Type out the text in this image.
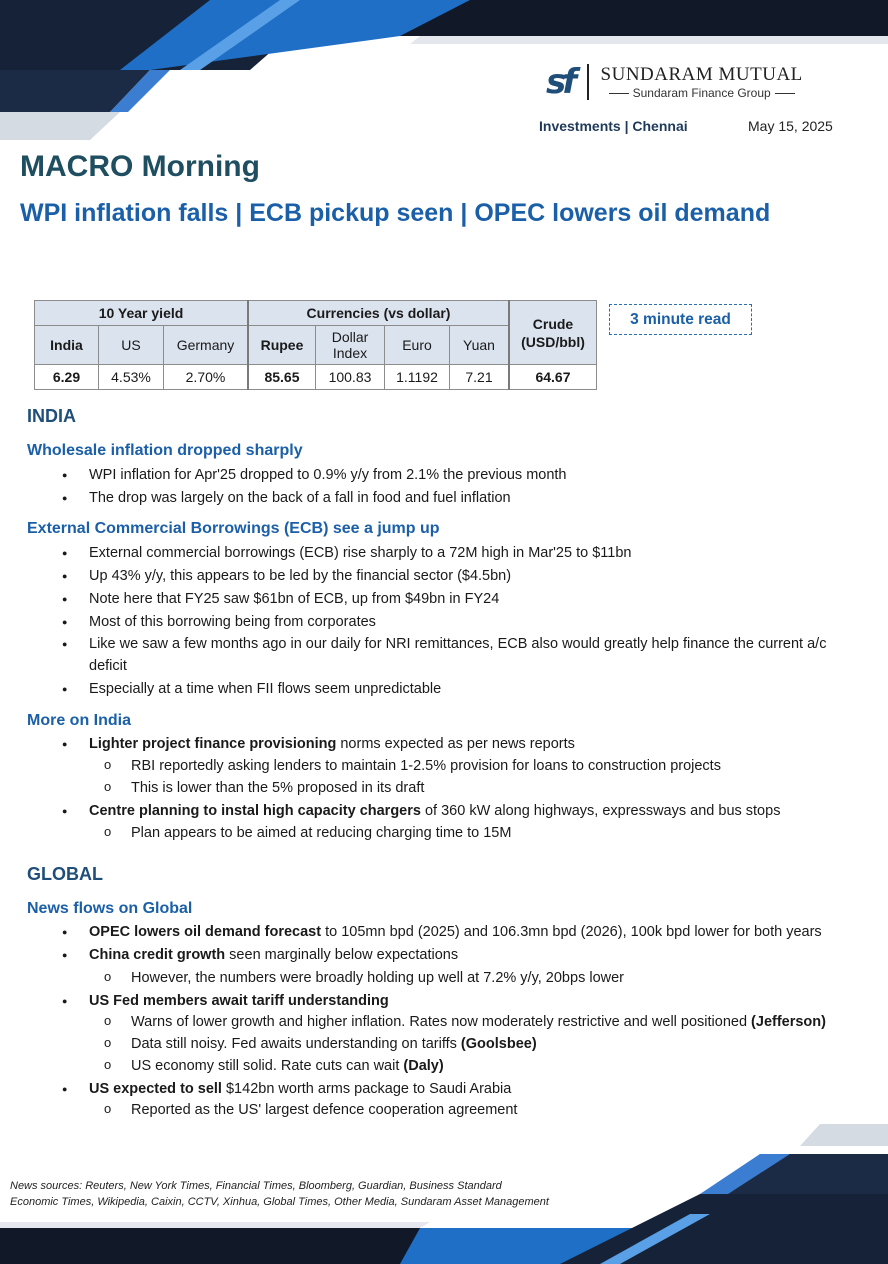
sf SUNDARAM MUTUAL
Sundaram Finance Group
Investments | Chennai	May 15, 2025
MACRO Morning
WPI inflation falls | ECB pickup seen | OPEC lowers oil demand
10 Year yield			Currencies (vs dollar)				Crude (USD/bbl)
India	US	Germany	Rupee	Dollar Index	Euro	Yuan	
6.29	4.53%	2.70%	85.65	100.83	1.1192	7.21	64.67
3 minute read
INDIA
Wholesale inflation dropped sharply
● WPI inflation for Apr'25 dropped to 0.9% y/y from 2.1% the previous month
● The drop was largely on the back of a fall in food and fuel inflation
External Commercial Borrowings (ECB) see a jump up
● External commercial borrowings (ECB) rise sharply to a 72M high in Mar'25 to $11bn
● Up 43% y/y, this appears to be led by the financial sector ($4.5bn)
● Note here that FY25 saw $61bn of ECB, up from $49bn in FY24
● Most of this borrowing being from corporates
● Like we saw a few months ago in our daily for NRI remittances, ECB also would greatly help finance the current a/c deficit
● Especially at a time when FII flows seem unpredictable
More on India
● Lighter project finance provisioning norms expected as per news reports
o RBI reportedly asking lenders to maintain 1-2.5% provision for loans to construction projects
o This is lower than the 5% proposed in its draft
● Centre planning to instal high capacity chargers of 360 kW along highways, expressways and bus stops
o Plan appears to be aimed at reducing charging time to 15M
GLOBAL
News flows on Global
● OPEC lowers oil demand forecast to 105mn bpd (2025) and 106.3mn bpd (2026), 100k bpd lower for both years
● China credit growth seen marginally below expectations
o However, the numbers were broadly holding up well at 7.2% y/y, 20bps lower
● US Fed members await tariff understanding
o Warns of lower growth and higher inflation. Rates now moderately restrictive and well positioned (Jefferson)
o Data still noisy. Fed awaits understanding on tariffs (Goolsbee)
o US economy still solid. Rate cuts can wait (Daly)
● US expected to sell $142bn worth arms package to Saudi Arabia
o Reported as the US' largest defence cooperation agreement
News sources: Reuters, New York Times, Financial Times, Bloomberg, Guardian, Business Standard
Economic Times, Wikipedia, Caixin, CCTV, Xinhua, Global Times, Other Media, Sundaram Asset Management
